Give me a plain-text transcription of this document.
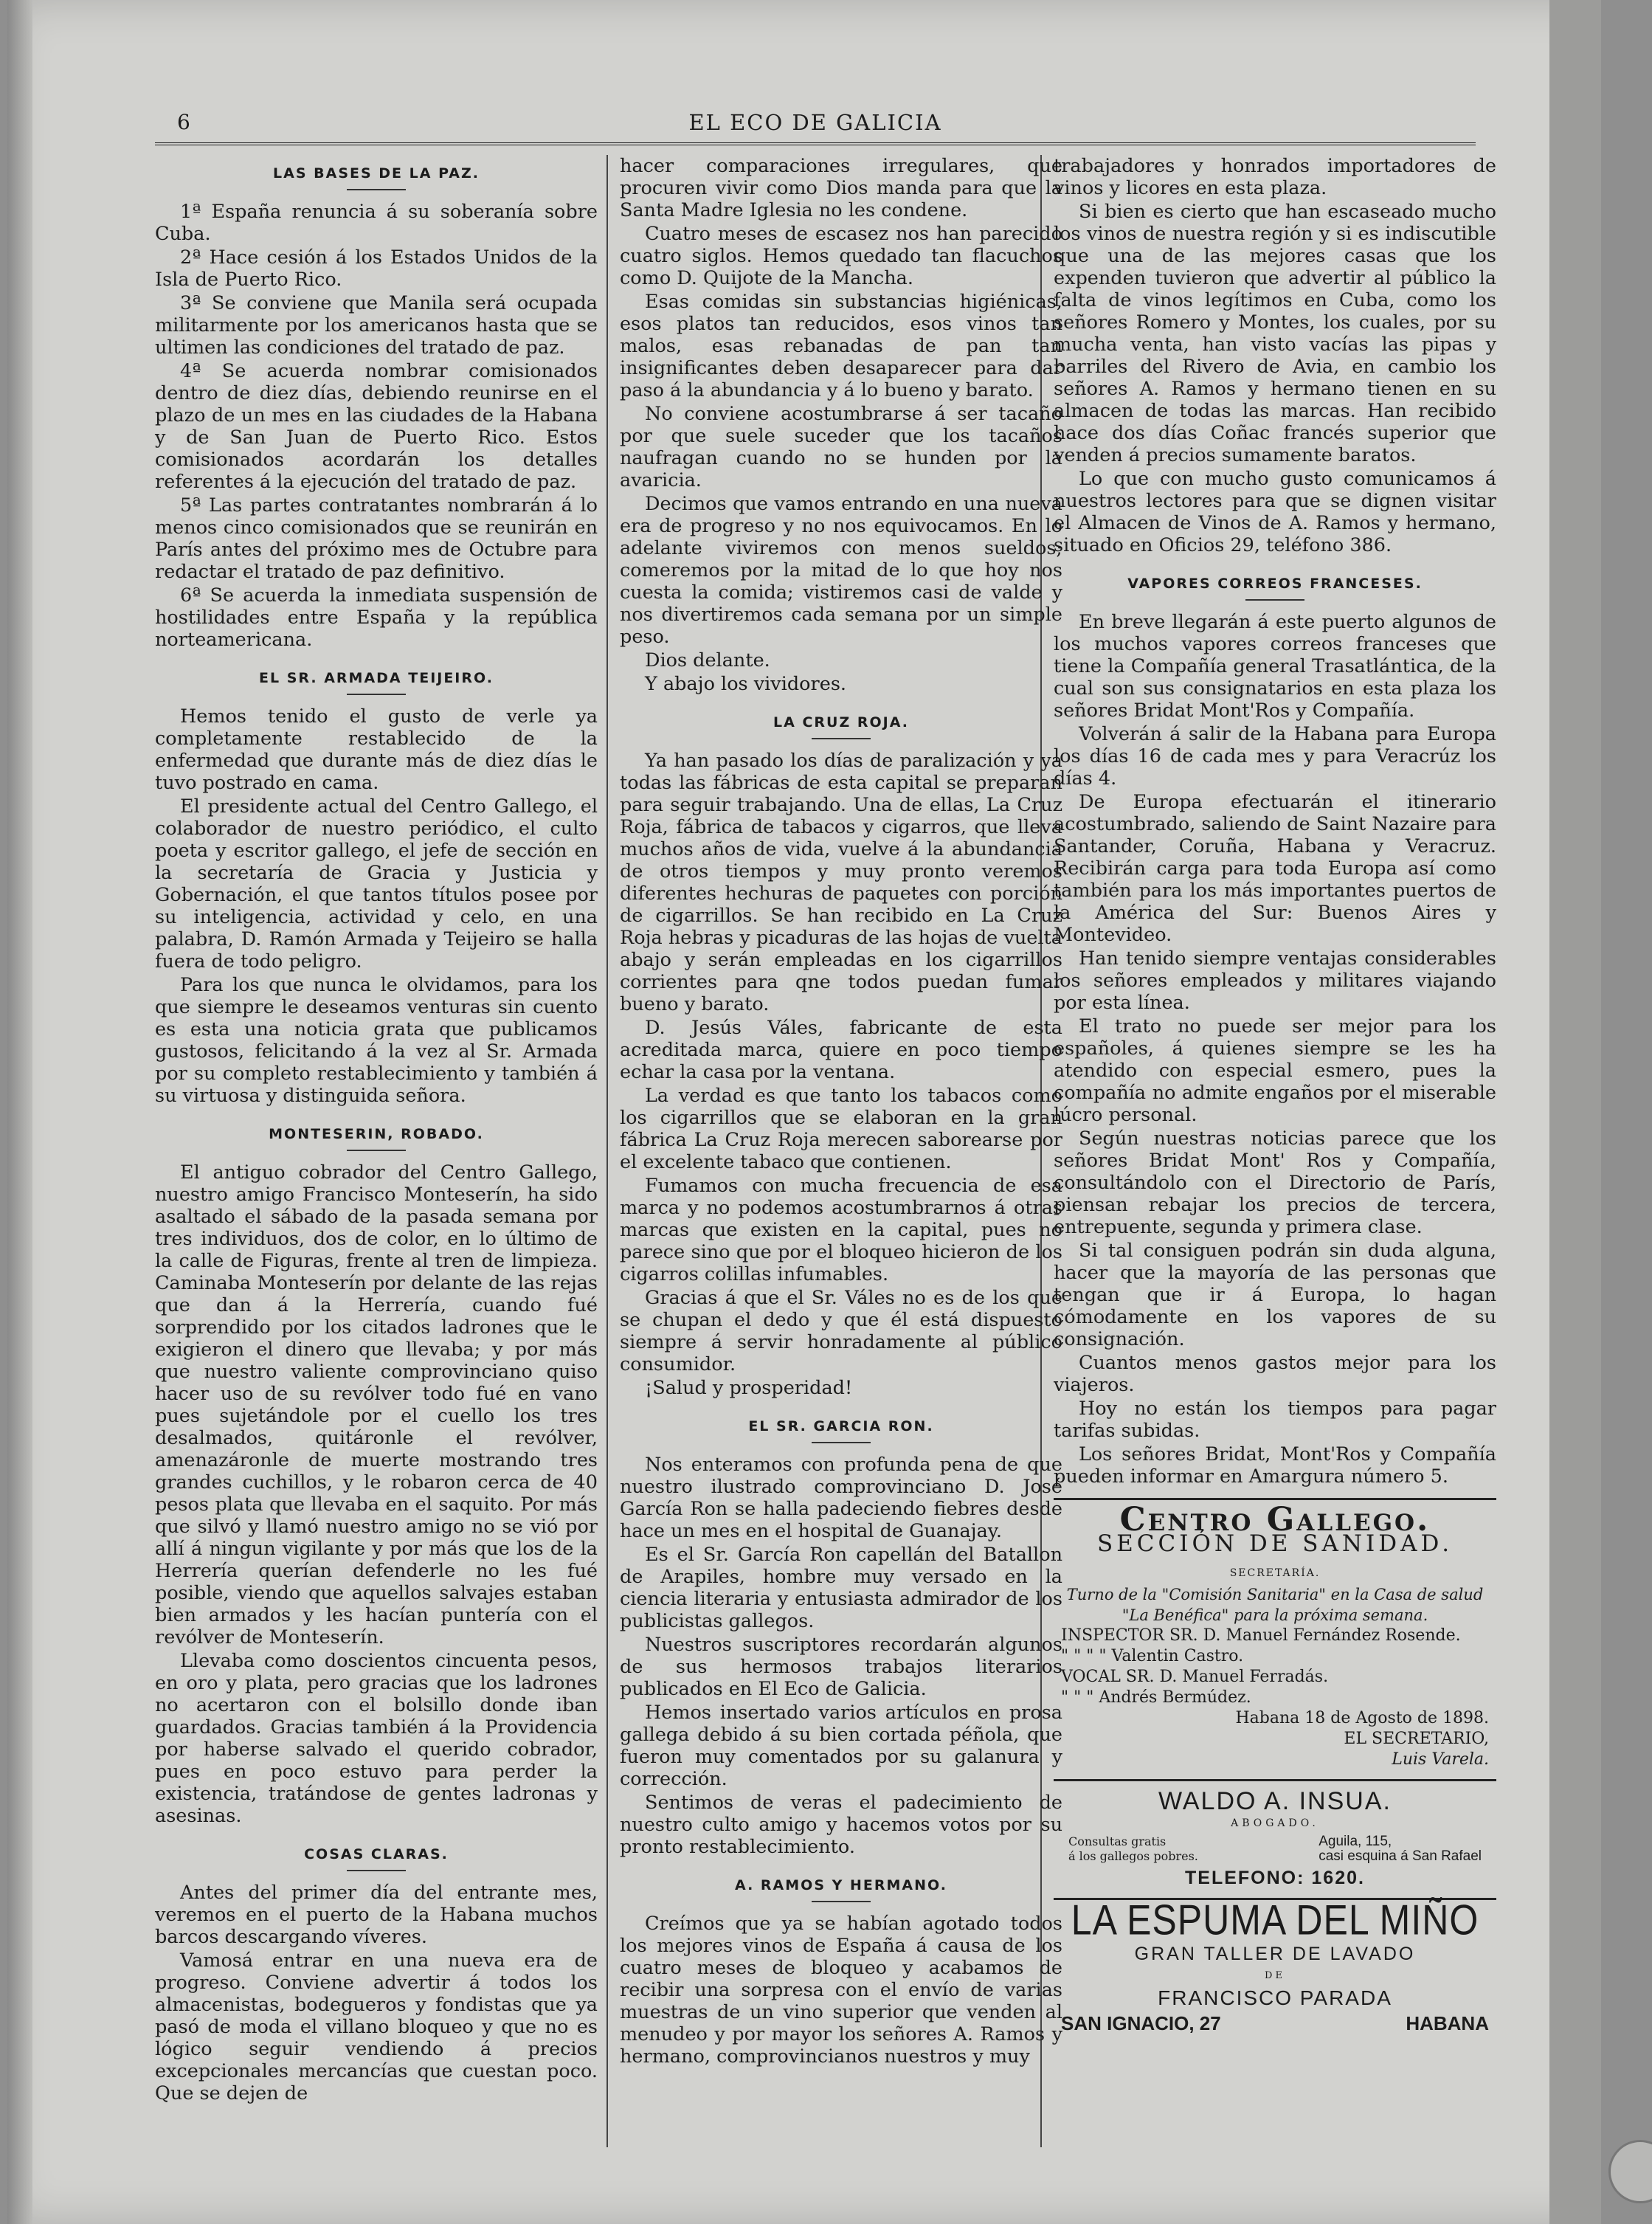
6	EL ECO DE GALICIA
LAS BASES DE LA PAZ.

1ª España renuncia á su soberanía sobre Cuba.

2ª Hace cesión á los Estados Unidos de la Isla de Puerto Rico.

3ª Se conviene que Manila será ocupada militarmente por los americanos hasta que se ultimen las condiciones del tratado de paz.

4ª Se acuerda nombrar comisionados dentro de diez días, debiendo reunirse en el plazo de un mes en las ciudades de la Habana y de San Juan de Puerto Rico. Estos comisionados acordarán los detalles referentes á la ejecución del tratado de paz.

5ª Las partes contratantes nombrarán á lo menos cinco comisionados que se reunirán en París antes del próximo mes de Octubre para redactar el tratado de paz definitivo.

6ª Se acuerda la inmediata suspensión de hostilidades entre España y la república norteamericana.

EL SR. ARMADA TEIJEIRO.

Hemos tenido el gusto de verle ya completamente restablecido de la enfermedad que durante más de diez días le tuvo postrado en cama.

El presidente actual del Centro Gallego, el colaborador de nuestro periódico, el culto poeta y escritor gallego, el jefe de sección en la secretaría de Gracia y Justicia y Gobernación, el que tantos títulos posee por su inteligencia, actividad y celo, en una palabra, D. Ramón Armada y Teijeiro se halla fuera de todo peligro.

Para los que nunca le olvidamos, para los que siempre le deseamos venturas sin cuento es esta una noticia grata que publicamos gustosos, felicitando á la vez al Sr. Armada por su completo restablecimiento y también á su virtuosa y distinguida señora.

MONTESERIN, ROBADO.

El antiguo cobrador del Centro Gallego, nuestro amigo Francisco Monteserín, ha sido asaltado el sábado de la pasada semana por tres individuos, dos de color, en lo último de la calle de Figuras, frente al tren de limpieza. Caminaba Monteserín por delante de las rejas que dan á la Herrería, cuando fué sorprendido por los citados ladrones que le exigieron el dinero que llevaba; y por más que nuestro valiente comprovinciano quiso hacer uso de su revólver todo fué en vano pues sujetándole por el cuello los tres desalmados, quitáronle el revólver, amenazáronle de muerte mostrando tres grandes cuchillos, y le robaron cerca de 40 pesos plata que llevaba en el saquito. Por más que silvó y llamó nuestro amigo no se vió por allí á ningun vigilante y por más que los de la Herrería querían defenderle no les fué posible, viendo que aquellos salvajes estaban bien armados y les hacían puntería con el revólver de Monteserín.

Llevaba como doscientos cincuenta pesos, en oro y plata, pero gracias que los ladrones no acertaron con el bolsillo donde iban guardados. Gracias también á la Providencia por haberse salvado el querido cobrador, pues en poco estuvo para perder la existencia, tratándose de gentes ladronas y asesinas.

COSAS CLARAS.

Antes del primer día del entrante mes, veremos en el puerto de la Habana muchos barcos descargando víveres.

Vamosá entrar en una nueva era de progreso. Conviene advertir á todos los almacenistas, bodegueros y fondistas que ya pasó de moda el villano bloqueo y que no es lógico seguir vendiendo á precios excepcionales mercancías que cuestan poco. Que se dejen de

hacer comparaciones irregulares, que procuren vivir como Dios manda para que la Santa Madre Iglesia no les condene.

Cuatro meses de escasez nos han parecido cuatro siglos. Hemos quedado tan flacuchos como D. Quijote de la Mancha.

Esas comidas sin substancias higiénicas, esos platos tan reducidos, esos vinos tan malos, esas rebanadas de pan tan insignificantes deben desaparecer para dar paso á la abundancia y á lo bueno y barato.

No conviene acostumbrarse á ser tacaño por que suele suceder que los tacaños naufragan cuando no se hunden por la avaricia.

Decimos que vamos entrando en una nueva era de progreso y no nos equivocamos. En lo adelante viviremos con menos sueldos; comeremos por la mitad de lo que hoy nos cuesta la comida; vistiremos casi de valde y nos divertiremos cada semana por un simple peso.

Dios delante.

Y abajo los vividores.

LA CRUZ ROJA.

Ya han pasado los días de paralización y ya todas las fábricas de esta capital se preparan para seguir trabajando. Una de ellas, La Cruz Roja, fábrica de tabacos y cigarros, que lleva muchos años de vida, vuelve á la abundancia de otros tiempos y muy pronto veremos diferentes hechuras de paquetes con porción de cigarrillos. Se han recibido en La Cruz Roja hebras y picaduras de las hojas de vuelta abajo y serán empleadas en los cigarrillos corrientes para qne todos puedan fumar bueno y barato.

D. Jesús Váles, fabricante de esta acreditada marca, quiere en poco tiempo echar la casa por la ventana.

La verdad es que tanto los tabacos como los cigarrillos que se elaboran en la gran fábrica La Cruz Roja merecen saborearse por el excelente tabaco que contienen.

Fumamos con mucha frecuencia de esa marca y no podemos acostumbrarnos á otras marcas que existen en la capital, pues no parece sino que por el bloqueo hicieron de los cigarros colillas infumables.

Gracias á que el Sr. Váles no es de los que se chupan el dedo y que él está dispuesto siempre á servir honradamente al público consumidor.

¡Salud y prosperidad!

EL SR. GARCIA RON.

Nos enteramos con profunda pena de que nuestro ilustrado comprovinciano D. José García Ron se halla padeciendo fiebres desde hace un mes en el hospital de Guanajay.

Es el Sr. García Ron capellán del Batallon de Arapiles, hombre muy versado en la ciencia literaria y entusiasta admirador de los publicistas gallegos.

Nuestros suscriptores recordarán algunos de sus hermosos trabajos literarios publicados en El Eco de Galicia.

Hemos insertado varios artículos en prosa gallega debido á su bien cortada péñola, que fueron muy comentados por su galanura y corrección.

Sentimos de veras el padecimiento de nuestro culto amigo y hacemos votos por su pronto restablecimiento.

A. RAMOS Y HERMANO.

Creímos que ya se habían agotado todos los mejores vinos de España á causa de los cuatro meses de bloqueo y acabamos de recibir una sorpresa con el envío de varias muestras de un vino superior que venden al menudeo y por mayor los señores A. Ramos y hermano, comprovincianos nuestros y muy

trabajadores y honrados importadores de vinos y licores en esta plaza.

Si bien es cierto que han escaseado mucho los vinos de nuestra región y si es indiscutible que una de las mejores casas que los expenden tuvieron que advertir al público la falta de vinos legítimos en Cuba, como los señores Romero y Montes, los cuales, por su mucha venta, han visto vacías las pipas y barriles del Rivero de Avia, en cambio los señores A. Ramos y hermano tienen en su almacen de todas las marcas. Han recibido hace dos días Coñac francés superior que venden á precios sumamente baratos.

Lo que con mucho gusto comunicamos á nuestros lectores para que se dignen visitar el Almacen de Vinos de A. Ramos y hermano, situado en Oficios 29, teléfono 386.

VAPORES CORREOS FRANCESES.

En breve llegarán á este puerto algunos de los muchos vapores correos franceses que tiene la Compañía general Trasatlántica, de la cual son sus consignatarios en esta plaza los señores Bridat Mont'Ros y Compañía.

Volverán á salir de la Habana para Europa los días 16 de cada mes y para Veracrúz los días 4.

De Europa efectuarán el itinerario acostumbrado, saliendo de Saint Nazaire para Santander, Coruña, Habana y Veracruz. Recibirán carga para toda Europa así como también para los más importantes puertos de la América del Sur: Buenos Aires y Montevideo.

Han tenido siempre ventajas considerables los señores empleados y militares viajando por esta línea.

El trato no puede ser mejor para los españoles, á quienes siempre se les ha atendido con especial esmero, pues la compañía no admite engaños por el miserable lúcro personal.

Según nuestras noticias parece que los señores Bridat Mont' Ros y Compañía, consultándolo con el Directorio de París, piensan rebajar los precios de tercera, entrepuente, segunda y primera clase.

Si tal consiguen podrán sin duda alguna, hacer que la mayoría de las personas que tengan que ir á Europa, lo hagan cómodamente en los vapores de su consignación.

Cuantos menos gastos mejor para los viajeros.

Hoy no están los tiempos para pagar tarifas subidas.

Los señores Bridat, Mont'Ros y Compañía pueden informar en Amargura número 5.

Centro Gallego.
SECCIÓN DE SANIDAD.
SECRETARÍA.
Turno de la "Comisión Sanitaria" en la Casa de salud "La Benéfica" para la próxima semana.
INSPECTOR SR. D. Manuel Fernández Rosende.
" " " " Valentin Castro.
VOCAL SR. D. Manuel Ferradás.
" " " Andrés Bermúdez.
Habana 18 de Agosto de 1898.
EL SECRETARIO,
Luis Varela.
WALDO A. INSUA.
ABOGADO.
Consultas gratis
á los gallegos pobres.
Aguila, 115,
casi esquina á San Rafael
TELEFONO: 1620.
LA ESPUMA DEL MIÑO
GRAN TALLER DE LAVADO
DE
FRANCISCO PARADA
SAN IGNACIO, 27	HABANA
